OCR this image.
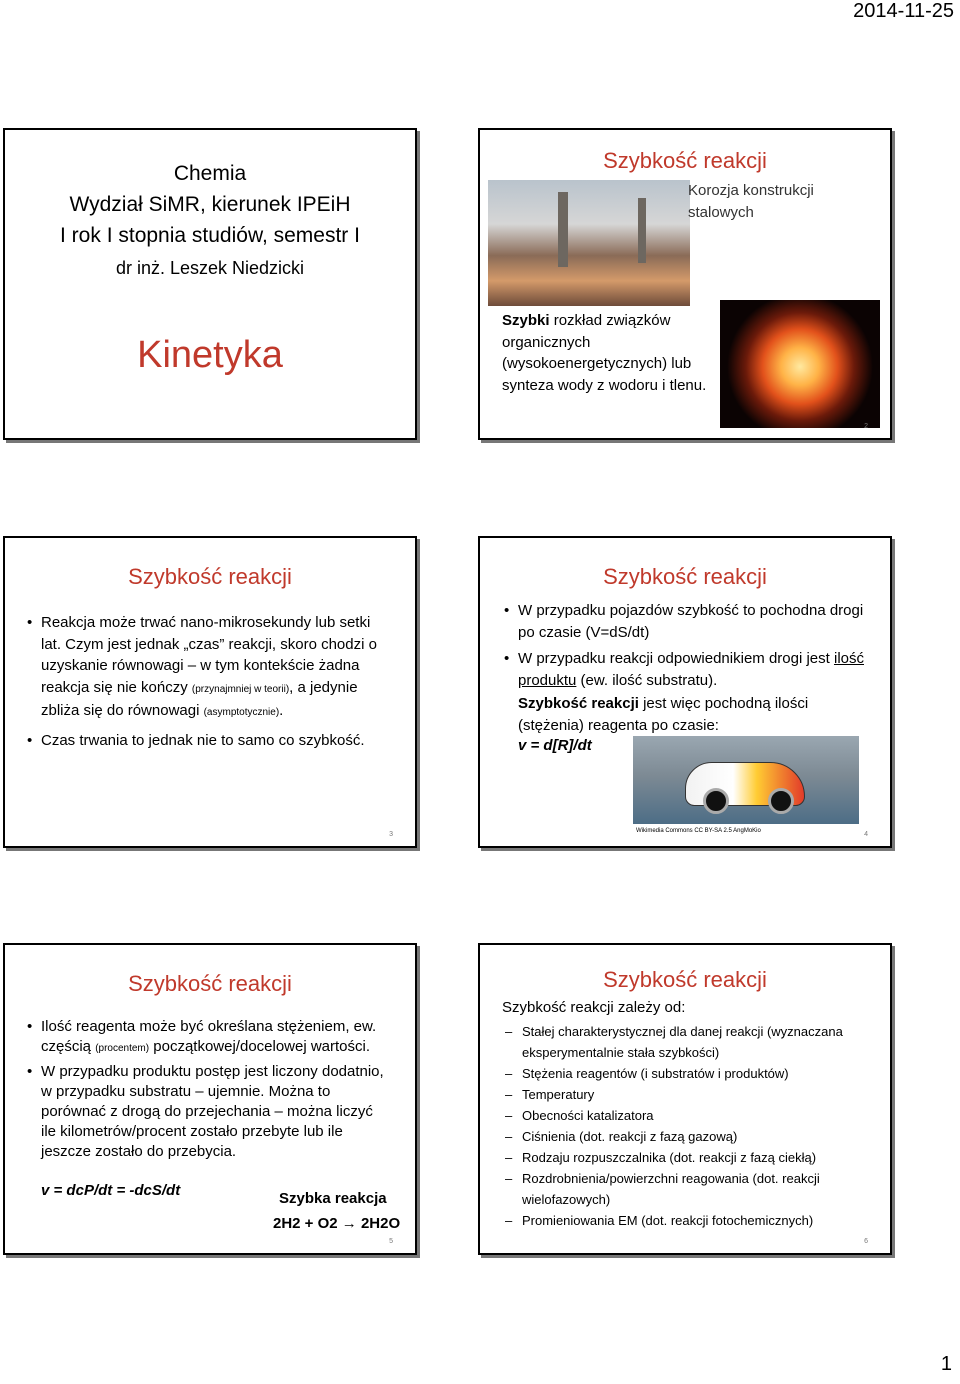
2014-11-25
Chemia
Wydział SiMR, kierunek IPEiH
I rok I stopnia studiów, semestr I
dr inż. Leszek Niedzicki
Kinetyka
Szybkość reakcji
Korozja konstrukcji stalowych
Szybki rozkład związków organicznych (wysokoenergetycznych) lub synteza wody z wodoru i tlenu.
2
Szybkość reakcji
• Reakcja może trwać nano-mikrosekundy lub setki lat. Czym jest jednak „czas” reakcji, skoro chodzi o uzyskanie równowagi – w tym kontekście żadna reakcja się nie kończy (przynajmniej w teorii), a jedynie zbliża się do równowagi (asymptotycznie).
• Czas trwania to jednak nie to samo co szybkość.
3
Szybkość reakcji
• W przypadku pojazdów szybkość to pochodna drogi po czasie (V=dS/dt)
• W przypadku reakcji odpowiednikiem drogi jest ilość produktu (ew. ilość substratu).
Szybkość reakcji jest więc pochodną ilości (stężenia) reagenta po czasie:
v = d[R]/dt
Wikimedia Commons CC BY-SA 2.5 AngMoKio	4
Szybkość reakcji
• Ilość reagenta może być określana stężeniem, ew. częścią (procentem) początkowej/docelowej wartości.
• W przypadku produktu postęp jest liczony dodatnio, w przypadku substratu – ujemnie. Można to porównać z drogą do przejechania – można liczyć ile kilometrów/procent zostało przebyte lub ile jeszcze zostało do przebycia.
v = dcP/dt = -dcS/dt	Szybka reakcja
2H2 + O2 → 2H2O
5
Szybkość reakcji
Szybkość reakcji zależy od:
– Stałej charakterystycznej dla danej reakcji (wyznaczana eksperymentalnie stała szybkości)
– Stężenia reagentów (i substratów i produktów)
– Temperatury
– Obecności katalizatora
– Ciśnienia (dot. reakcji z fazą gazową)
– Rodzaju rozpuszczalnika (dot. reakcji z fazą ciekłą)
– Rozdrobnienia/powierzchni reagowania (dot. reakcji wielofazowych)
– Promieniowania EM (dot. reakcji fotochemicznych)
6
1
